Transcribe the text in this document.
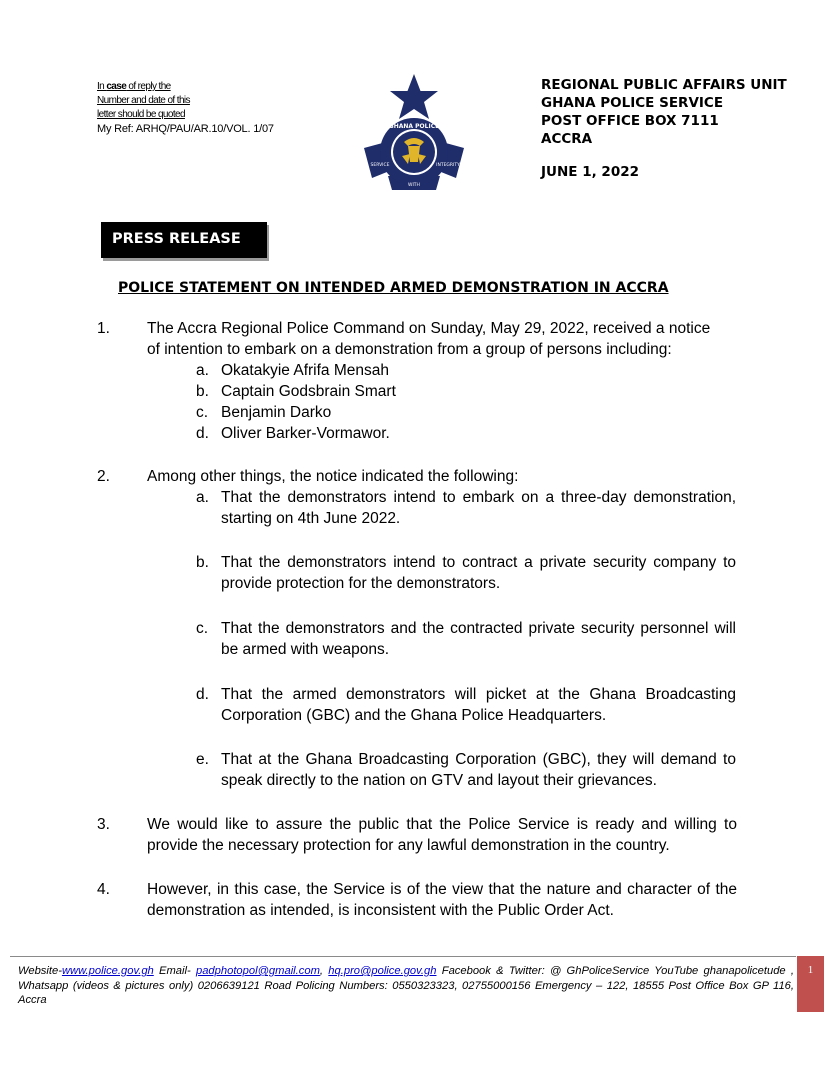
In case of reply the
Number and date of this
letter should be quoted
My Ref: ARHQ/PAU/AR.10/VOL. 1/07	GHANA POLICE
SERVICE
WITH
INTEGRITY
REGIONAL PUBLIC AFFAIRS UNIT
GHANA POLICE SERVICE
POST OFFICE BOX 7111
ACCRA
JUNE 1, 2022
PRESS RELEASE
POLICE STATEMENT ON INTENDED ARMED DEMONSTRATION IN ACCRA
1. The Accra Regional Police Command on Sunday, May 29, 2022, received a notice
of intention to embark on a demonstration from a group of persons including:
a. Okatakyie Afrifa Mensah
b. Captain Godsbrain Smart
c. Benjamin Darko
d. Oliver Barker-Vormawor.
2. Among other things, the notice indicated the following:
a. That the demonstrators intend to embark on a three-day demonstration, starting on 4th June 2022.
b. That the demonstrators intend to contract a private security company to provide protection for the demonstrators.
c. That the demonstrators and the contracted private security personnel will be armed with weapons.
d. That the armed demonstrators will picket at the Ghana Broadcasting Corporation (GBC) and the Ghana Police Headquarters.
e. That at the Ghana Broadcasting Corporation (GBC), they will demand to speak directly to the nation on GTV and layout their grievances.
3. We would like to assure the public that the Police Service is ready and willing to provide the necessary protection for any lawful demonstration in the country.
4. However, in this case, the Service is of the view that the nature and character of the demonstration as intended, is inconsistent with the Public Order Act.
Website-www.police.gov.gh Email- padphotopol@gmail.com, hq.pro@police.gov.gh Facebook & Twitter: @ GhPoliceService YouTube ghanapolicetude , Whatsapp (videos & pictures only) 0206639121 Road Policing Numbers: 0550323323, 02755000156 Emergency – 122, 18555 Post Office Box GP 116, Accra
1
